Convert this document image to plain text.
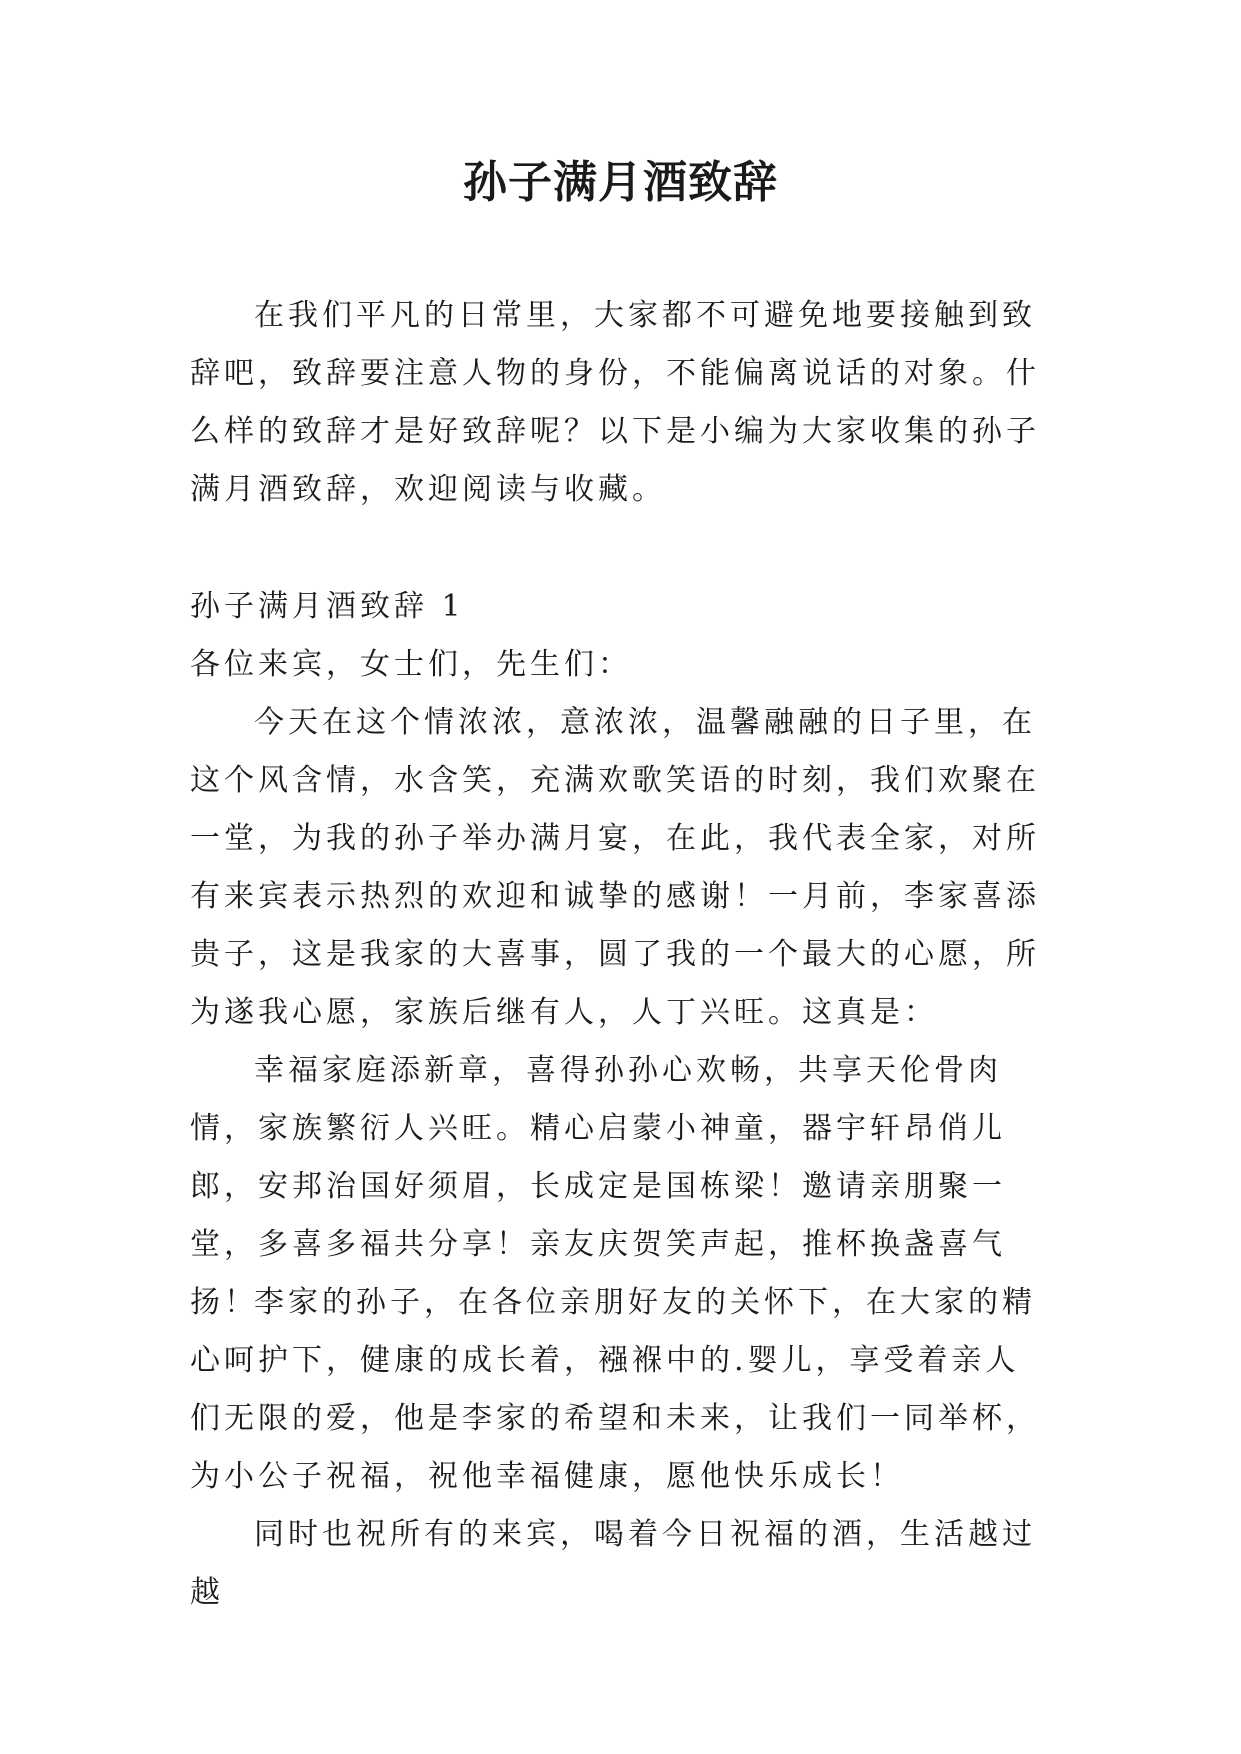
孙子满月酒致辞

在我们平凡的日常里，大家都不可避免地要接触到致辞吧，致辞要注意人物的身份，不能偏离说话的对象。什么样的致辞才是好致辞呢？以下是小编为大家收集的孙子满月酒致辞，欢迎阅读与收藏。

孙子满月酒致辞 1

各位来宾，女士们，先生们：

今天在这个情浓浓，意浓浓，温馨融融的日子里，在这个风含情，水含笑，充满欢歌笑语的时刻，我们欢聚在一堂，为我的孙子举办满月宴，在此，我代表全家，对所有来宾表示热烈的欢迎和诚挚的感谢！一月前，李家喜添贵子，这是我家的大喜事，圆了我的一个最大的心愿，所为遂我心愿，家族后继有人，人丁兴旺。这真是：

幸福家庭添新章，喜得孙孙心欢畅，共享天伦骨肉情，家族繁衍人兴旺。精心启蒙小神童，器宇轩昂俏儿郎，安邦治国好须眉，长成定是国栋梁！邀请亲朋聚一堂，多喜多福共分享！亲友庆贺笑声起，推杯换盏喜气扬！

李家的孙子，在各位亲朋好友的关怀下，在大家的精心呵护下，健康的成长着，襁褓中的.婴儿，享受着亲人们无限的爱，他是李家的希望和未来，让我们一同举杯，为小公子祝福，祝他幸福健康，愿他快乐成长！

同时也祝所有的来宾，喝着今日祝福的酒，生活越过越
